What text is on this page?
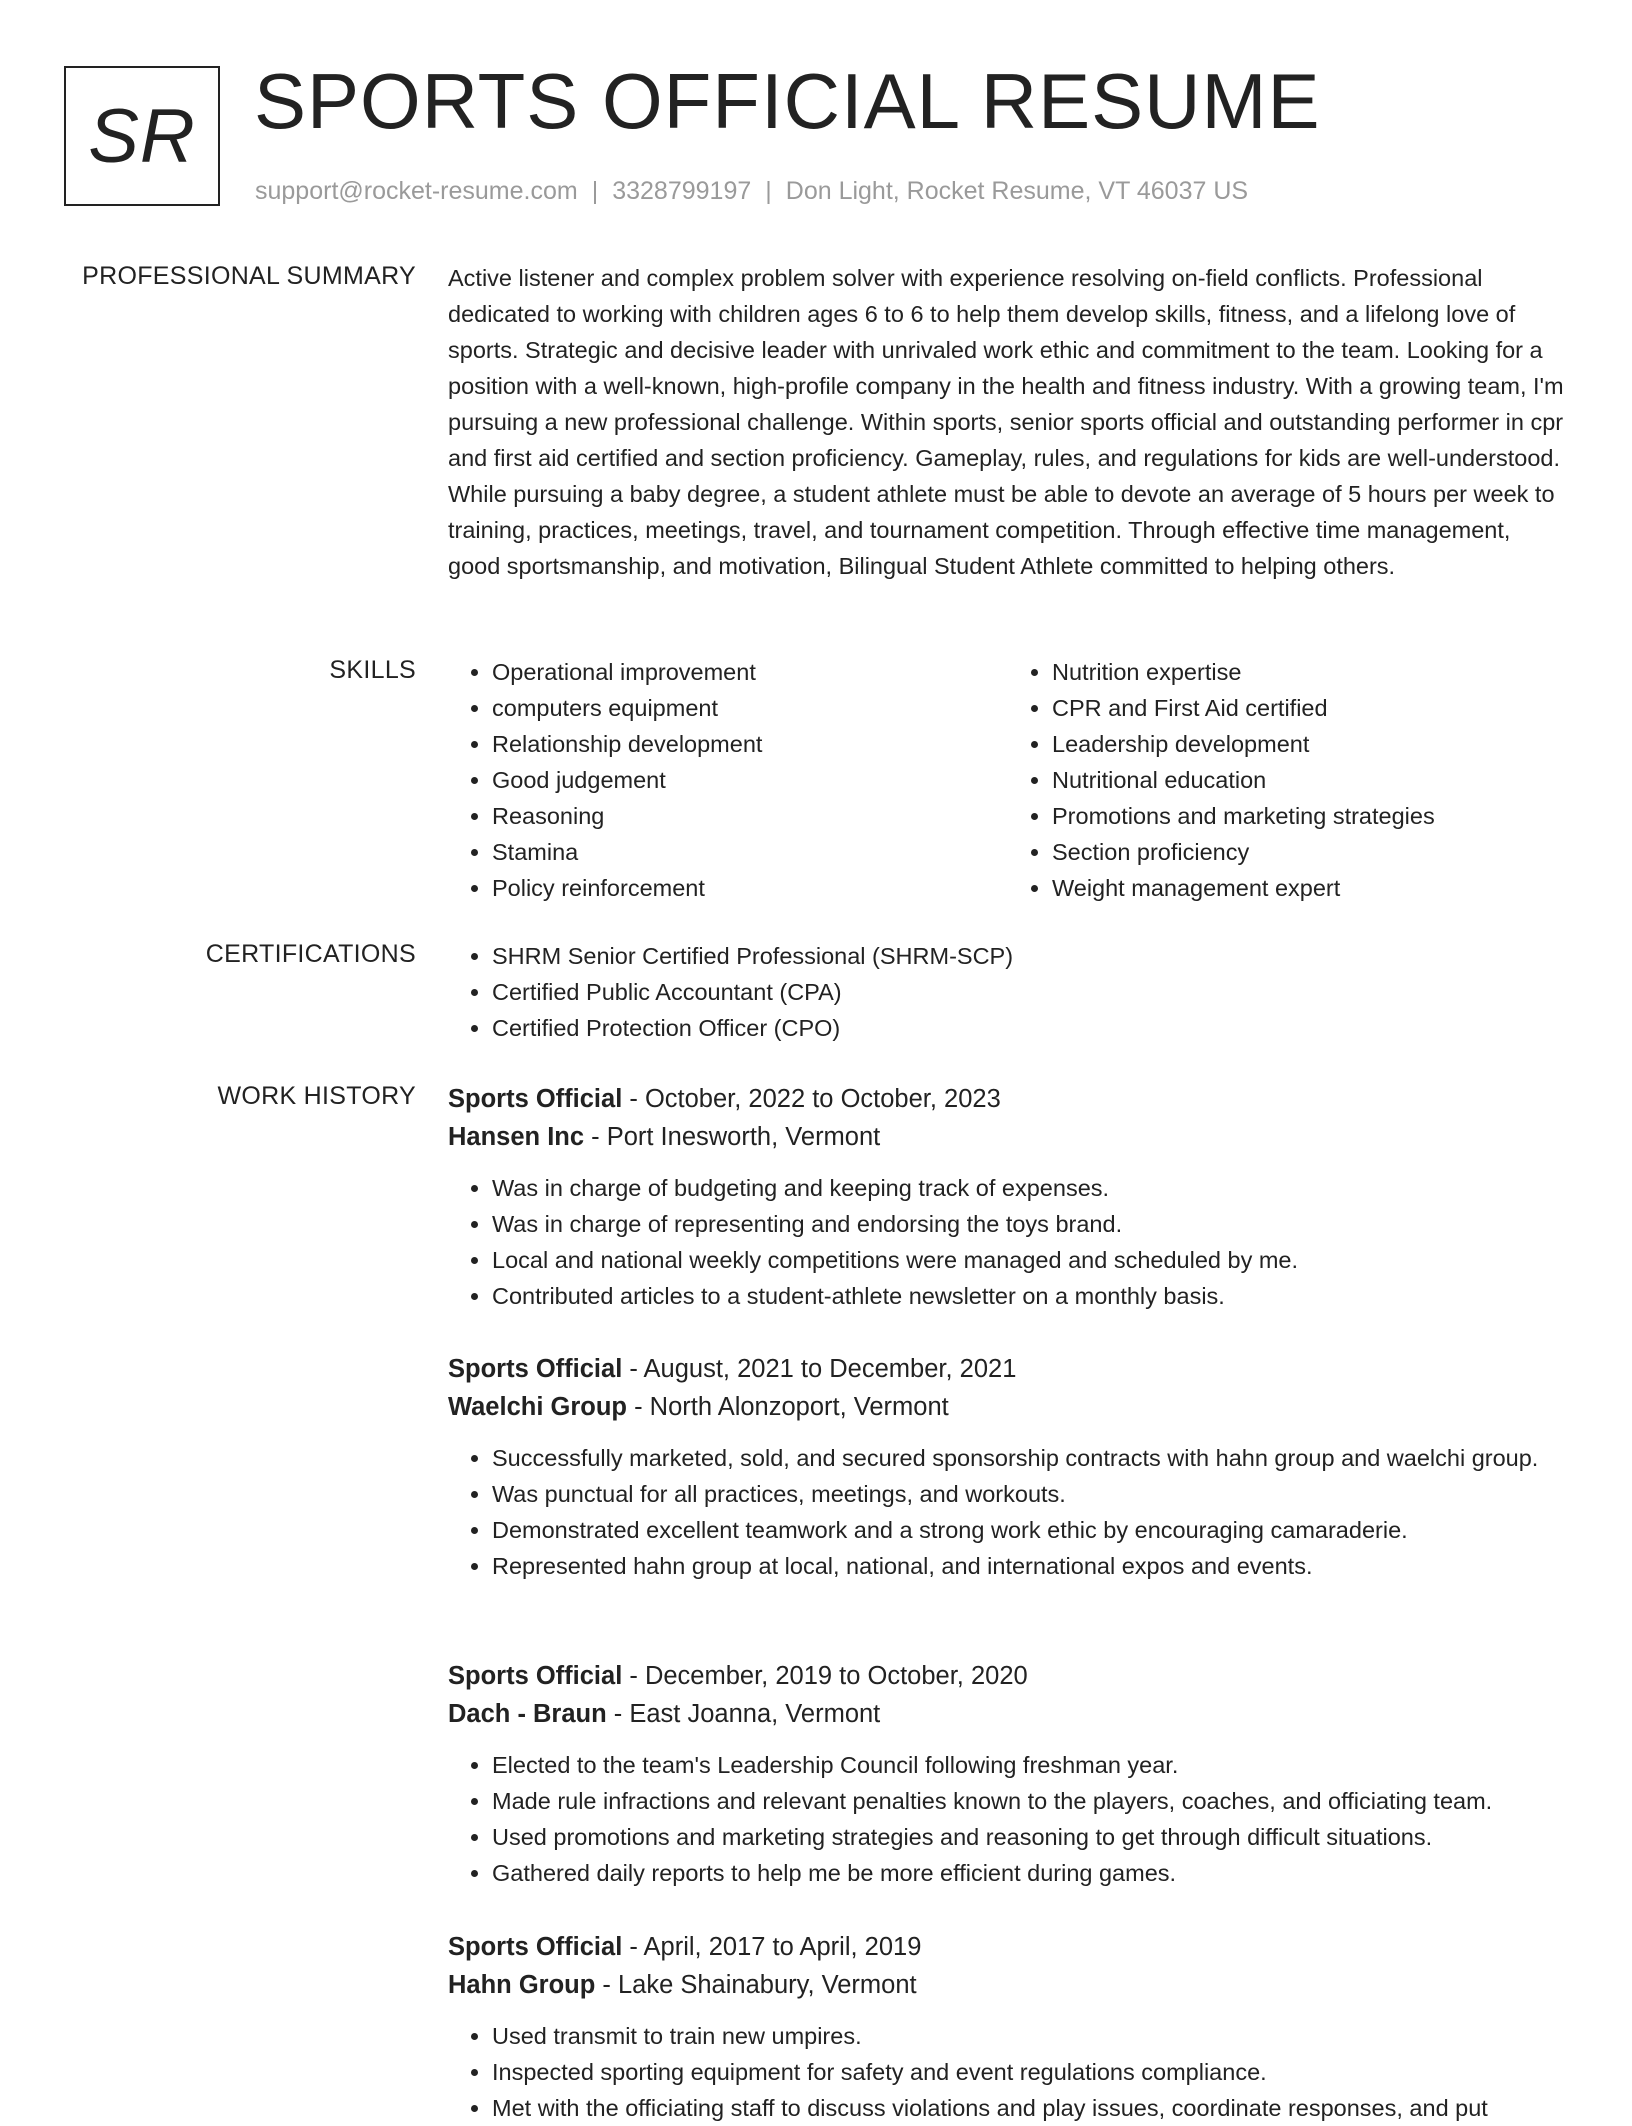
SR SPORTS OFFICIAL RESUME
support@rocket-resume.com | 3328799197 | Don Light, Rocket Resume, VT 46037 US
PROFESSIONAL SUMMARY Active listener and complex problem solver with experience resolving on-field conflicts. Professional dedicated to working with children ages 6 to 6 to help them develop skills, fitness, and a lifelong love of sports. Strategic and decisive leader with unrivaled work ethic and commitment to the team. Looking for a position with a well-known, high-profile company in the health and fitness industry. With a growing team, I'm pursuing a new professional challenge. Within sports, senior sports official and outstanding performer in cpr and first aid certified and section proficiency. Gameplay, rules, and regulations for kids are well-understood. While pursuing a baby degree, a student athlete must be able to devote an average of 5 hours per week to training, practices, meetings, travel, and tournament competition. Through effective time management, good sportsmanship, and motivation, Bilingual Student Athlete committed to helping others.

SKILLS	• Operational improvement
• computers equipment
• Relationship development
• Good judgement
• Reasoning
• Stamina
• Policy reinforcement
• Nutrition expertise
• CPR and First Aid certified
• Leadership development
• Nutritional education
• Promotions and marketing strategies
• Section proficiency
• Weight management expert
CERTIFICATIONS	• SHRM Senior Certified Professional (SHRM-SCP)
• Certified Public Accountant (CPA)
• Certified Protection Officer (CPO)
WORK HISTORY Sports Official - October, 2022 to October, 2023
Hansen Inc - Port Inesworth, Vermont
• Was in charge of budgeting and keeping track of expenses.
• Was in charge of representing and endorsing the toys brand.
• Local and national weekly competitions were managed and scheduled by me.
• Contributed articles to a student-athlete newsletter on a monthly basis.
Sports Official - August, 2021 to December, 2021
Waelchi Group - North Alonzoport, Vermont
• Successfully marketed, sold, and secured sponsorship contracts with hahn group and waelchi group.
• Was punctual for all practices, meetings, and workouts.
• Demonstrated excellent teamwork and a strong work ethic by encouraging camaraderie.
• Represented hahn group at local, national, and international expos and events.
Sports Official - December, 2019 to October, 2020
Dach - Braun - East Joanna, Vermont
• Elected to the team's Leadership Council following freshman year.
• Made rule infractions and relevant penalties known to the players, coaches, and officiating team.
• Used promotions and marketing strategies and reasoning to get through difficult situations.
• Gathered daily reports to help me be more efficient during games.
Sports Official - April, 2017 to April, 2019
Hahn Group - Lake Shainabury, Vermont
• Used transmit to train new umpires.
• Inspected sporting equipment for safety and event regulations compliance.
• Met with the officiating staff to discuss violations and play issues, coordinate responses, and put
